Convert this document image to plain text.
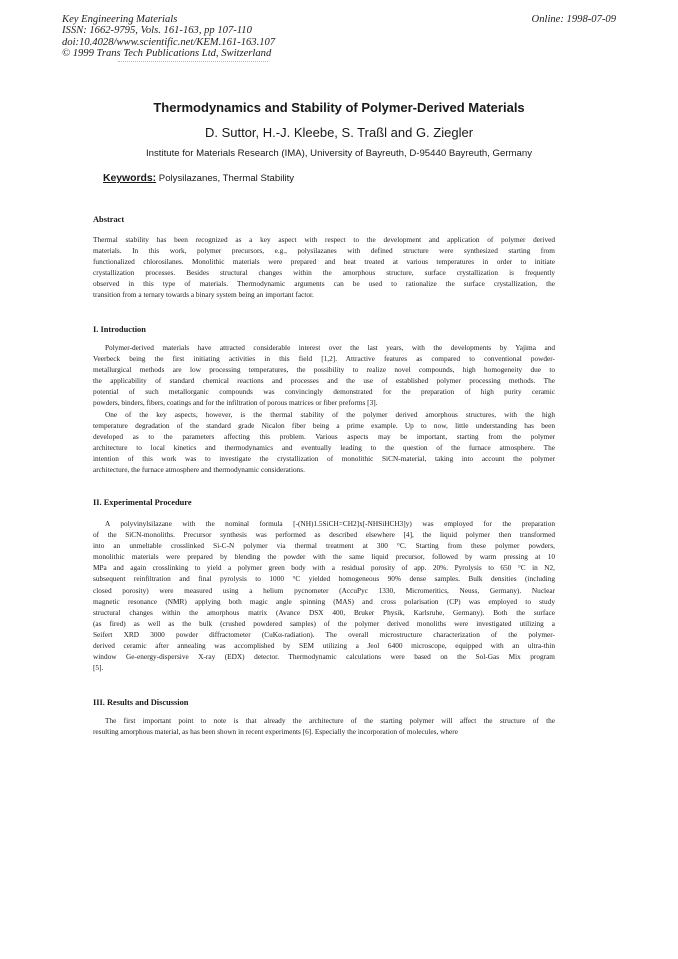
Key Engineering Materials
ISSN: 1662-9795, Vols. 161-163, pp 107-110
doi:10.4028/www.scientific.net/KEM.161-163.107
© 1999 Trans Tech Publications Ltd, Switzerland
Online: 1998-07-09
Thermodynamics and Stability of Polymer-Derived Materials
D. Suttor, H.-J. Kleebe, S. Traßl and G. Ziegler
Institute for Materials Research (IMA), University of Bayreuth, D-95440 Bayreuth, Germany
Keywords: Polysilazanes, Thermal Stability
Abstract
Thermal stability has been recognized as a key aspect with respect to the development and application of polymer derived
materials. In this work, polymer precursors, e.g., polysilazanes with defined structure were synthesized starting from
functionalized chlorosilanes. Monolithic materials were prepared and heat treated at various temperatures in order to initiate
crystallization processes. Besides structural changes within the amorphous structure, surface crystallization is frequently
observed in this type of materials. Thermodynamic arguments can be used to rationalize the surface crystallization, the
transition from a ternary towards a binary system being an important factor.
I. Introduction
Polymer-derived materials have attracted considerable interest over the last years, with the developments by Yajima and
Veerbeck being the first initiating activities in this field [1,2]. Attractive features as compared to conventional powder-
metallurgical methods are low processing temperatures, the possibility to realize novel compounds, high homogeneity due to
the applicability of standard chemical reactions and processes and the use of established polymer processing methods. The
potential of such metallorganic compounds was convincingly demonstrated for the preparation of high purity ceramic
powders, binders, fibers, coatings and for the infiltration of porous matrices or fiber preforms [3].
One of the key aspects, however, is the thermal stability of the polymer derived amorphous structures, with the high
temperature degradation of the standard grade Nicalon fiber being a prime example. Up to now, little understanding has been
developed as to the parameters affecting this problem. Various aspects may be important, starting from the polymer
architecture to local kinetics and thermodynamics and eventually leading to the question of the furnace atmosphere. The
intention of this work was to investigate the crystallization of monolithic SiCN-material, taking into account the polymer
architecture, the furnace atmosphere and thermodynamic considerations.
II. Experimental Procedure
A polyvinylsilazane with the nominal formula [-(NH)1.5SiCH=CH2]x[-NHSiHCH3]y) was employed for the preparation
of the SiCN-monoliths. Precursor synthesis was performed as described elsewhere [4], the liquid polymer then transformed
into an unmeltable crosslinked Si-C-N polymer via thermal treatment at 300 °C. Starting from these polymer powders,
monolithic materials were prepared by blending the powder with the same liquid precursor, followed by warm pressing at 10
MPa and again crosslinking to yield a polymer green body with a residual porosity of app. 20%. Pyrolysis to 650 °C in N2,
subsequent reinfiltration and final pyrolysis to 1000 °C yielded homogeneous 90% dense samples. Bulk densities (including
closed porosity) were measured using a helium pycnometer (AccuPyc 1330, Micromeritics, Neuss, Germany). Nuclear
magnetic resonance (NMR) applying both magic angle spinning (MAS) and cross polarisation (CP) was employed to study
structural changes within the amorphous matrix (Avance DSX 400, Bruker Physik, Karlsruhe, Germany). Both the surface
(as fired) as well as the bulk (crushed powdered samples) of the polymer derived monoliths were investigated utilizing a
Seifert XRD 3000 powder diffractometer (CuKα-radiation). The overall microstructure characterization of the polymer-
derived ceramic after annealing was accomplished by SEM utilizing a Jeol 6400 microscope, equipped with an ultra-thin
window Ge-energy-dispersive X-ray (EDX) detector. Thermodynamic calculations were based on the Sol-Gas Mix program
[5].
III. Results and Discussion
The first important point to note is that already the architecture of the starting polymer will affect the structure of the
resulting amorphous material, as has been shown in recent experiments [6]. Especially the incorporation of molecules, where
